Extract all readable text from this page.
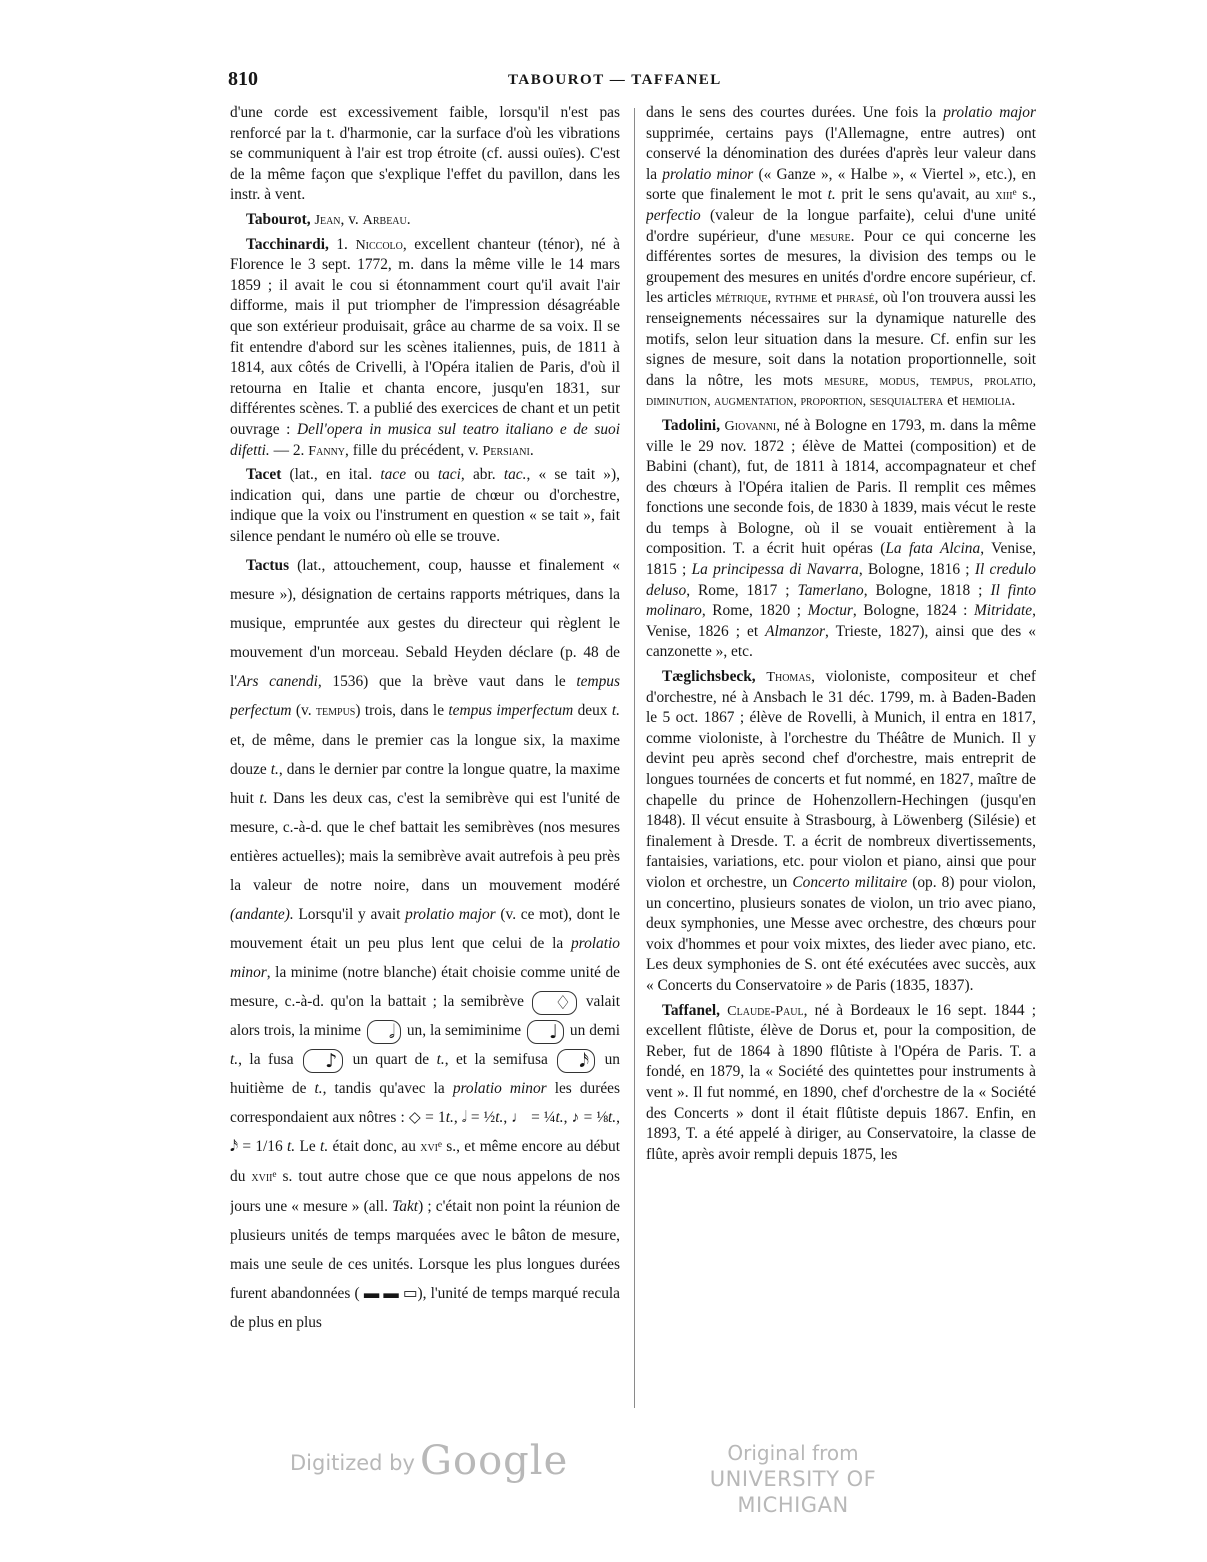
810	TABOUROT — TAFFANEL

d'une corde est excessivement faible, lorsqu'il n'est pas renforcé par la t. d'harmonie, car la surface d'où les vibrations se communiquent à l'air est trop étroite (cf. aussi ouïes). C'est de la même façon que s'explique l'effet du pavillon, dans les instr. à vent.

Tabourot, Jean, v. Arbeau.

Tacchinardi, 1. Niccolo, excellent chanteur (ténor), né à Florence le 3 sept. 1772, m. dans la même ville le 14 mars 1859 ; il avait le cou si étonnamment court qu'il avait l'air difforme, mais il put triompher de l'impression désagréable que son extérieur produisait, grâce au charme de sa voix. Il se fit entendre d'abord sur les scènes italiennes, puis, de 1811 à 1814, aux côtés de Crivelli, à l'Opéra italien de Paris, d'où il retourna en Italie et chanta encore, jusqu'en 1831, sur différentes scènes. T. a publié des exercices de chant et un petit ouvrage : Dell'opera in musica sul teatro italiano e de suoi difetti. — 2. Fanny, fille du précédent, v. Persiani.

Tacet (lat., en ital. tace ou taci, abr. tac., « se tait »), indication qui, dans une partie de chœur ou d'orchestre, indique que la voix ou l'instrument en question « se tait », fait silence pendant le numéro où elle se trouve.

Tactus (lat., attouchement, coup, hausse et finalement « mesure »), désignation de certains rapports métriques, dans la musique, empruntée aux gestes du directeur qui règlent le mouvement d'un morceau. Sebald Heyden déclare (p. 48 de l'Ars canendi, 1536) que la brève vaut dans le tempus perfectum (v. tempus) trois, dans le tempus imperfectum deux t. et, de même, dans le premier cas la longue six, la maxime douze t., dans le dernier par contre la longue quatre, la maxime huit t. Dans les deux cas, c'est la semibrève qui est l'unité de mesure, c.-à-d. que le chef battait les semibrèves (nos mesures entières actuelles); mais la semibrève avait autrefois à peu près la valeur de notre noire, dans un mouvement modéré (andante). Lorsqu'il y avait prolatio major (v. ce mot), dont le mouvement était un peu plus lent que celui de la prolatio minor, la minime (notre blanche) était choisie comme unité de mesure, c.-à-d. qu'on la battait ; la semibrève ♢ valait alors trois, la minime 𝅗𝅥 un, la semiminime ♩ un demi t., la fusa ♪ un quart de t., et la semifusa 𝅘𝅥𝅯 un huitième de t., tandis qu'avec la prolatio minor les durées correspondaient aux nôtres : ◇ = 1t., 𝅗𝅥 = ½t., ♩ = ¼t., ♪ = ⅛t., 𝅘𝅥𝅯 = 1/16 t. Le t. était donc, au xviᵉ s., et même encore au début du xviiᵉ s. tout autre chose que ce que nous appelons de nos jours une « mesure » (all. Takt) ; c'était non point la réunion de plusieurs unités de temps marquées avec le bâton de mesure, mais une seule de ces unités. Lorsque les plus longues durées furent abandonnées ( ▬ ▬ ▭), l'unité de temps marqué recula de plus en plus

dans le sens des courtes durées. Une fois la prolatio major supprimée, certains pays (l'Allemagne, entre autres) ont conservé la dénomination des durées d'après leur valeur dans la prolatio minor (« Ganze », « Halbe », « Viertel », etc.), en sorte que finalement le mot t. prit le sens qu'avait, au xiiiᵉ s., perfectio (valeur de la longue parfaite), celui d'une unité d'ordre supérieur, d'une mesure. Pour ce qui concerne les différentes sortes de mesures, la division des temps ou le groupement des mesures en unités d'ordre encore supérieur, cf. les articles métrique, rythme et phrasé, où l'on trouvera aussi les renseignements nécessaires sur la dynamique naturelle des motifs, selon leur situation dans la mesure. Cf. enfin sur les signes de mesure, soit dans la notation proportionnelle, soit dans la nôtre, les mots mesure, modus, tempus, prolatio, diminution, augmentation, proportion, sesquialtera et hemiolia.

Tadolini, Giovanni, né à Bologne en 1793, m. dans la même ville le 29 nov. 1872 ; élève de Mattei (composition) et de Babini (chant), fut, de 1811 à 1814, accompagnateur et chef des chœurs à l'Opéra italien de Paris. Il remplit ces mêmes fonctions une seconde fois, de 1830 à 1839, mais vécut le reste du temps à Bologne, où il se vouait entièrement à la composition. T. a écrit huit opéras (La fata Alcina, Venise, 1815 ; La principessa di Navarra, Bologne, 1816 ; Il credulo deluso, Rome, 1817 ; Tamerlano, Bologne, 1818 ; Il finto molinaro, Rome, 1820 ; Moctur, Bologne, 1824 : Mitridate, Venise, 1826 ; et Almanzor, Trieste, 1827), ainsi que des « canzonette », etc.

Tæglichsbeck, Thomas, violoniste, compositeur et chef d'orchestre, né à Ansbach le 31 déc. 1799, m. à Baden-Baden le 5 oct. 1867 ; élève de Rovelli, à Munich, il entra en 1817, comme violoniste, à l'orchestre du Théâtre de Munich. Il y devint peu après second chef d'orchestre, mais entreprit de longues tournées de concerts et fut nommé, en 1827, maître de chapelle du prince de Hohenzollern-Hechingen (jusqu'en 1848). Il vécut ensuite à Strasbourg, à Löwenberg (Silésie) et finalement à Dresde. T. a écrit de nombreux divertissements, fantaisies, variations, etc. pour violon et piano, ainsi que pour violon et orchestre, un Concerto militaire (op. 8) pour violon, un concertino, plusieurs sonates de violon, un trio avec piano, deux symphonies, une Messe avec orchestre, des chœurs pour voix d'hommes et pour voix mixtes, des lieder avec piano, etc. Les deux symphonies de S. ont été exécutées avec succès, aux « Concerts du Conservatoire » de Paris (1835, 1837).

Taffanel, Claude-Paul, né à Bordeaux le 16 sept. 1844 ; excellent flûtiste, élève de Dorus et, pour la composition, de Reber, fut de 1864 à 1890 flûtiste à l'Opéra de Paris. T. a fondé, en 1879, la « Société des quintettes pour instruments à vent ». Il fut nommé, en 1890, chef d'orchestre de la « Société des Concerts » dont il était flûtiste depuis 1867. Enfin, en 1893, T. a été appelé à diriger, au Conservatoire, la classe de flûte, après avoir rempli depuis 1875, les

Digitized by Google	Original from
UNIVERSITY OF MICHIGAN
